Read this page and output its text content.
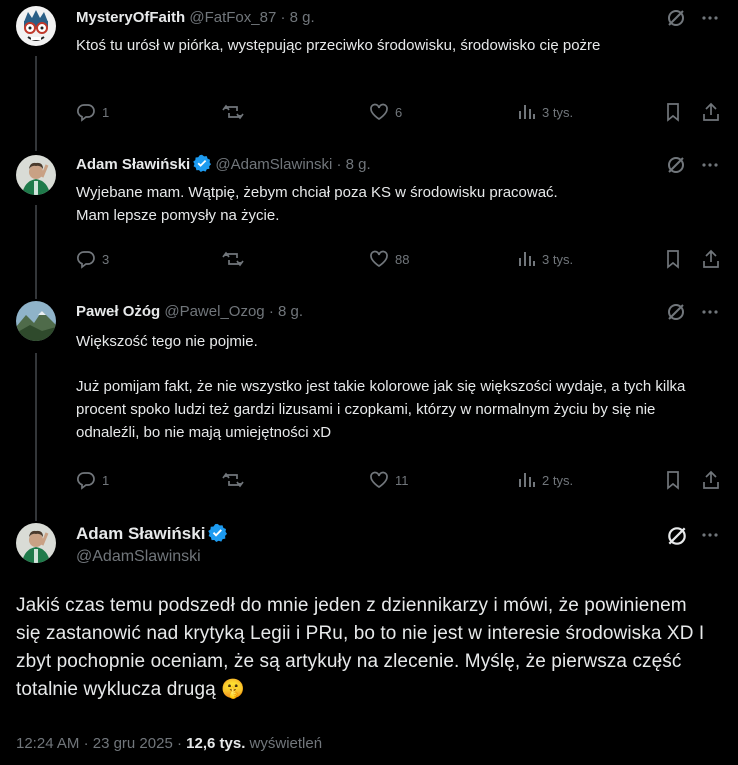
MysteryOfFaith @FatFox_87 · 8 g.

Ktoś tu urósł w piórka, występując przeciwko środowisku, środowisko cię pożre

1	6	3 tys.
Adam Sławiński @AdamSlawinski · 8 g.

Wyjebane mam. Wątpię, żebym chciał poza KS w środowisku pracować.

Mam lepsze pomysły na życie.

3	88	3 tys.
Paweł Ożóg @Pawel_Ozog · 8 g.

Większość tego nie pojmie.

Już pomijam fakt, że nie wszystko jest takie kolorowe jak się większości wydaje, a tych kilka procent spoko ludzi też gardzi lizusami i czopkami, którzy w normalnym życiu by się nie odnaleźli, bo nie mają umiejętności xD

1	11	2 tys.
Adam Sławiński
@AdamSlawinski
Jakiś czas temu podszedł do mnie jeden z dziennikarzy i mówi, że powinienem się zastanowić nad krytyką Legii i PRu, bo to nie jest w interesie środowiska XD I zbyt pochopnie oceniam, że są artykuły na zlecenie. Myślę, że pierwsza część totalnie wyklucza drugą 🤫
12:24 AM · 23 gru 2025 · 12,6 tys. wyświetleń
